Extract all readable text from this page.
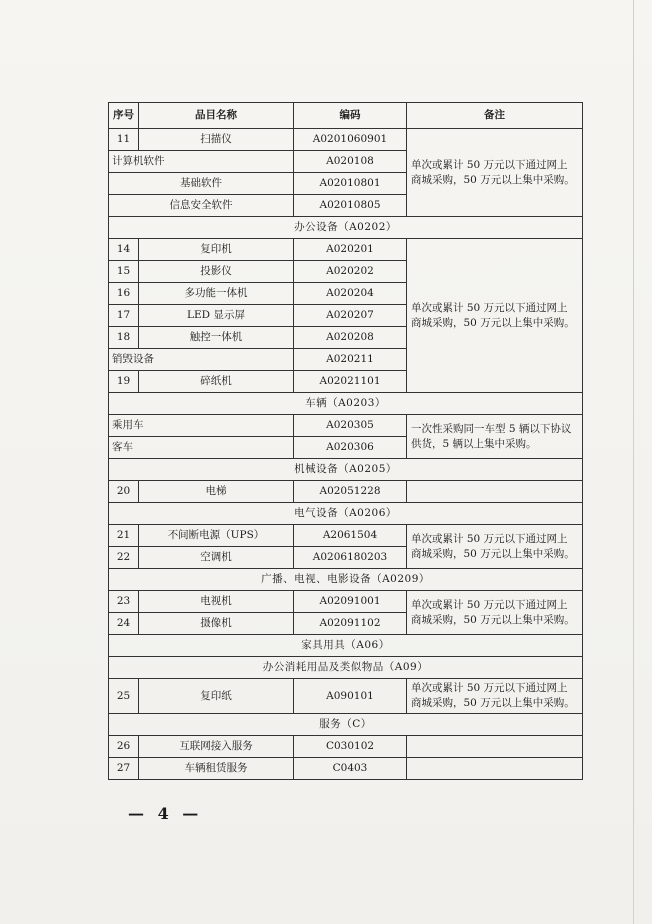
序号	品目名称	编码	备注
11	扫描仪	A0201060901	单次或累计 50 万元以下通过网上商城采购，50 万元以上集中采购。
计算机软件		A020108	
基础软件		A02010801	
信息安全软件		A02010805	
办公设备（A0202）			
14	复印机	A020201	单次或累计 50 万元以下通过网上商城采购，50 万元以上集中采购。
15	投影仪	A020202	
16	多功能一体机	A020204	
17	LED 显示屏	A020207	
18	触控一体机	A020208	
销毁设备		A020211	
19	碎纸机	A02021101	
车辆（A0203）			
乘用车		A020305	一次性采购同一车型 5 辆以下协议供货，5 辆以上集中采购。
客车		A020306	
机械设备（A0205）			
20	电梯	A02051228	
电气设备（A0206）			
21	不间断电源（UPS）	A2061504	单次或累计 50 万元以下通过网上商城采购，50 万元以上集中采购。
22	空调机	A0206180203	
广播、电视、电影设备（A0209）			
23	电视机	A02091001	单次或累计 50 万元以下通过网上商城采购，50 万元以上集中采购。
24	摄像机	A02091102	
家具用具（A06）			
办公消耗用品及类似物品（A09）			
25	复印纸	A090101	单次或累计 50 万元以下通过网上商城采购，50 万元以上集中采购。
服务（C）			
26	互联网接入服务	C030102	
27	车辆租赁服务	C0403	
— 4 —
